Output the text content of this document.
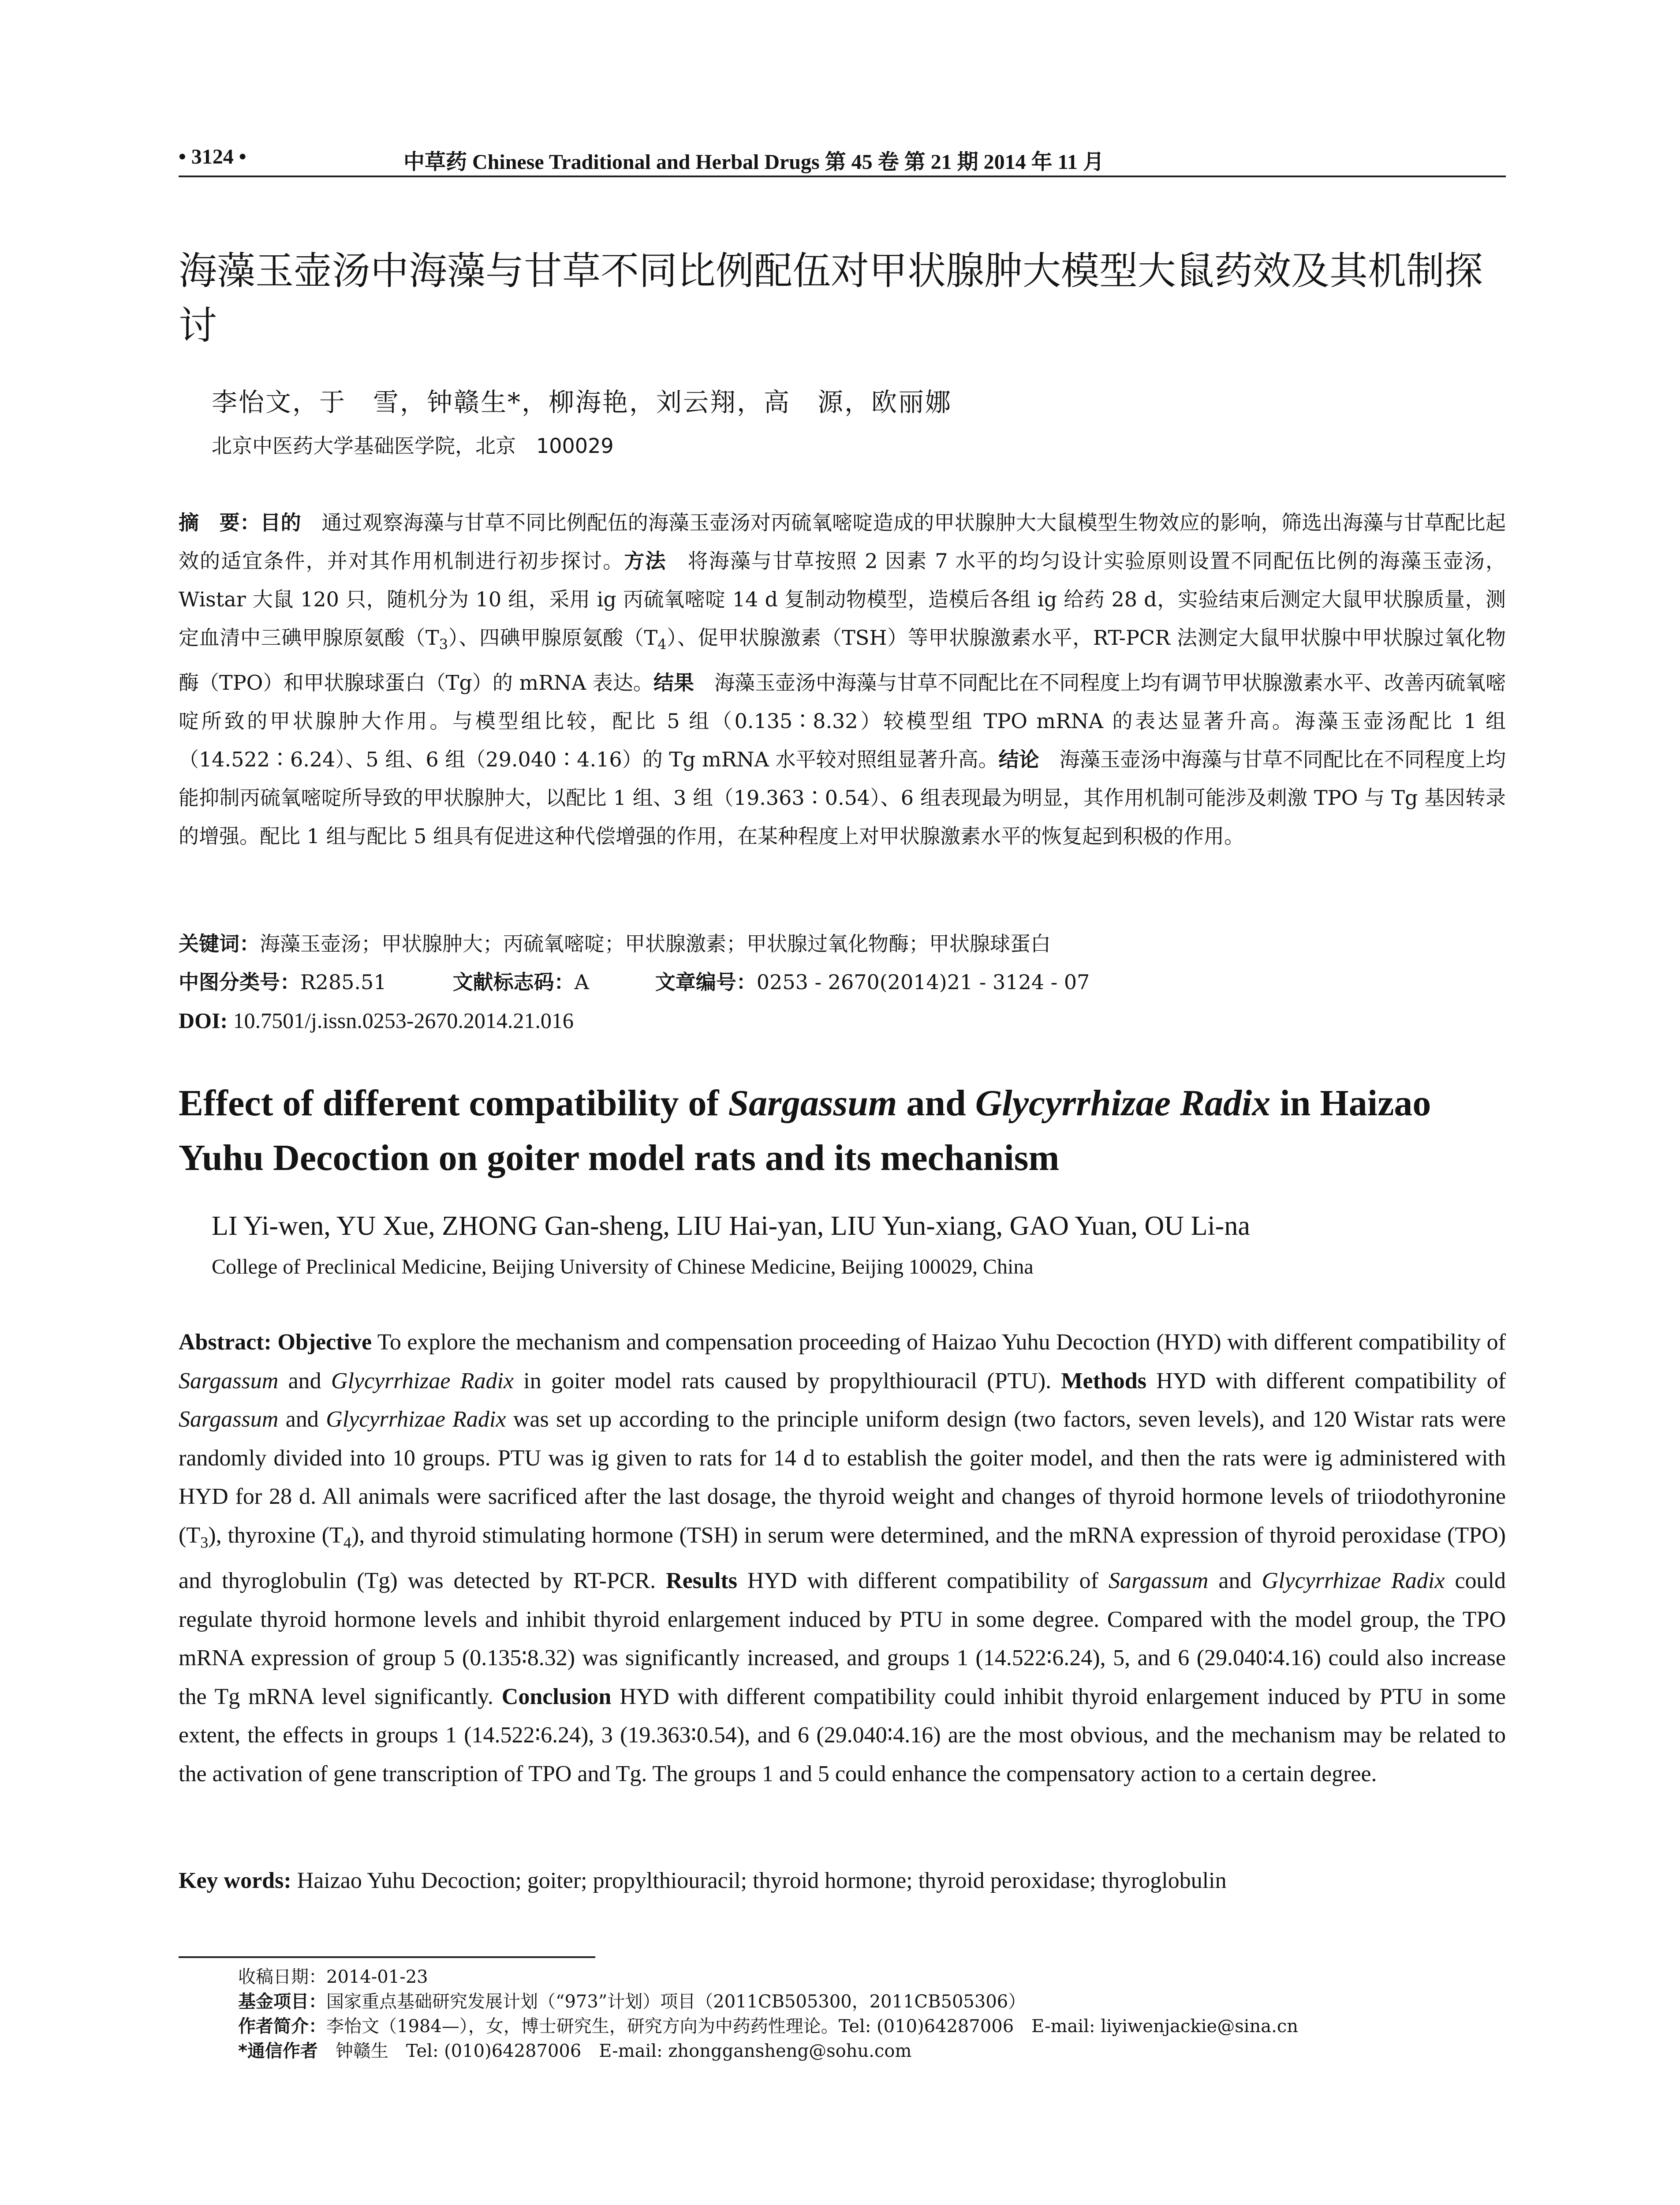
• 3124 •	中草药 Chinese Traditional and Herbal Drugs 第 45 卷 第 21 期 2014 年 11 月
海藻玉壶汤中海藻与甘草不同比例配伍对甲状腺肿大模型大鼠药效及其机制探讨
李怡文，于　雪，钟赣生*，柳海艳，刘云翔，高　源，欧丽娜
北京中医药大学基础医学院，北京　100029
摘　要：目的　通过观察海藻与甘草不同比例配伍的海藻玉壶汤对丙硫氧嘧啶造成的甲状腺肿大大鼠模型生物效应的影响，筛选出海藻与甘草配比起效的适宜条件，并对其作用机制进行初步探讨。方法　将海藻与甘草按照 2 因素 7 水平的均匀设计实验原则设置不同配伍比例的海藻玉壶汤，Wistar 大鼠 120 只，随机分为 10 组，采用 ig 丙硫氧嘧啶 14 d 复制动物模型，造模后各组 ig 给药 28 d，实验结束后测定大鼠甲状腺质量，测定血清中三碘甲腺原氨酸$(T_3)$、四碘甲腺原氨酸$(T_4)$、促甲状腺激素（TSH）等甲状腺激素水平，RT-PCR 法测定大鼠甲状腺中甲状腺过氧化物酶（TPO）和甲状腺球蛋白（Tg）的 mRNA 表达。结果　海藻玉壶汤中海藻与甘草不同配比在不同程度上均有调节甲状腺激素水平、改善丙硫氧嘧啶所致的甲状腺肿大作用。与模型组比较，配比 5 组（0.135∶8.32）较模型组 TPO mRNA 的表达显著升高。海藻玉壶汤配比 1 组（14.522∶6.24）、5 组、6 组（29.040∶4.16）的 Tg mRNA 水平较对照组显著升高。结论　海藻玉壶汤中海藻与甘草不同配比在不同程度上均能抑制丙硫氧嘧啶所导致的甲状腺肿大，以配比 1 组、3 组（19.363∶0.54）、6 组表现最为明显，其作用机制可能涉及刺激 TPO 与 Tg 基因转录的增强。配比 1 组与配比 5 组具有促进这种代偿增强的作用，在某种程度上对甲状腺激素水平的恢复起到积极的作用。
关键词：海藻玉壶汤；甲状腺肿大；丙硫氧嘧啶；甲状腺激素；甲状腺过氧化物酶；甲状腺球蛋白
中图分类号：R285.51	文献标志码：A	文章编号：0253 - 2670(2014)21 - 3124 - 07
DOI: 10.7501/j.issn.0253-2670.2014.21.016
Effect of different compatibility of Sargassum and Glycyrrhizae Radix in Haizao Yuhu Decoction on goiter model rats and its mechanism
LI Yi-wen, YU Xue, ZHONG Gan-sheng, LIU Hai-yan, LIU Yun-xiang, GAO Yuan, OU Li-na
College of Preclinical Medicine, Beijing University of Chinese Medicine, Beijing 100029, China
Abstract: Objective To explore the mechanism and compensation proceeding of Haizao Yuhu Decoction (HYD) with different compatibility of Sargassum and Glycyrrhizae Radix in goiter model rats caused by propylthiouracil (PTU). Methods HYD with different compatibility of Sargassum and Glycyrrhizae Radix was set up according to the principle uniform design (two factors, seven levels), and 120 Wistar rats were randomly divided into 10 groups. PTU was ig given to rats for 14 d to establish the goiter model, and then the rats were ig administered with HYD for 28 d. All animals were sacrificed after the last dosage, the thyroid weight and changes of thyroid hormone levels of triiodothyronine $(T_3)$, thyroxine $(T_4)$, and thyroid stimulating hormone (TSH) in serum were determined, and the mRNA expression of thyroid peroxidase (TPO) and thyroglobulin (Tg) was detected by RT-PCR. Results HYD with different compatibility of Sargassum and Glycyrrhizae Radix could regulate thyroid hormone levels and inhibit thyroid enlargement induced by PTU in some degree. Compared with the model group, the TPO mRNA expression of group 5 (0.135∶8.32) was significantly increased, and groups 1 (14.522∶6.24), 5, and 6 (29.040∶4.16) could also increase the Tg mRNA level significantly. Conclusion HYD with different compatibility could inhibit thyroid enlargement induced by PTU in some extent, the effects in groups 1 (14.522∶6.24), 3 (19.363∶0.54), and 6 (29.040∶4.16) are the most obvious, and the mechanism may be related to the activation of gene transcription of TPO and Tg. The groups 1 and 5 could enhance the compensatory action to a certain degree.
Key words: Haizao Yuhu Decoction; goiter; propylthiouracil; thyroid hormone; thyroid peroxidase; thyroglobulin
收稿日期：2014-01-23
基金项目：国家重点基础研究发展计划（“973”计划）项目（2011CB505300，2011CB505306）
作者简介：李怡文（1984—），女，博士研究生，研究方向为中药药性理论。Tel: (010)64287006　E-mail: liyiwenjackie@sina.cn
*通信作者　钟赣生　Tel: (010)64287006　E-mail: zhonggansheng@sohu.com
